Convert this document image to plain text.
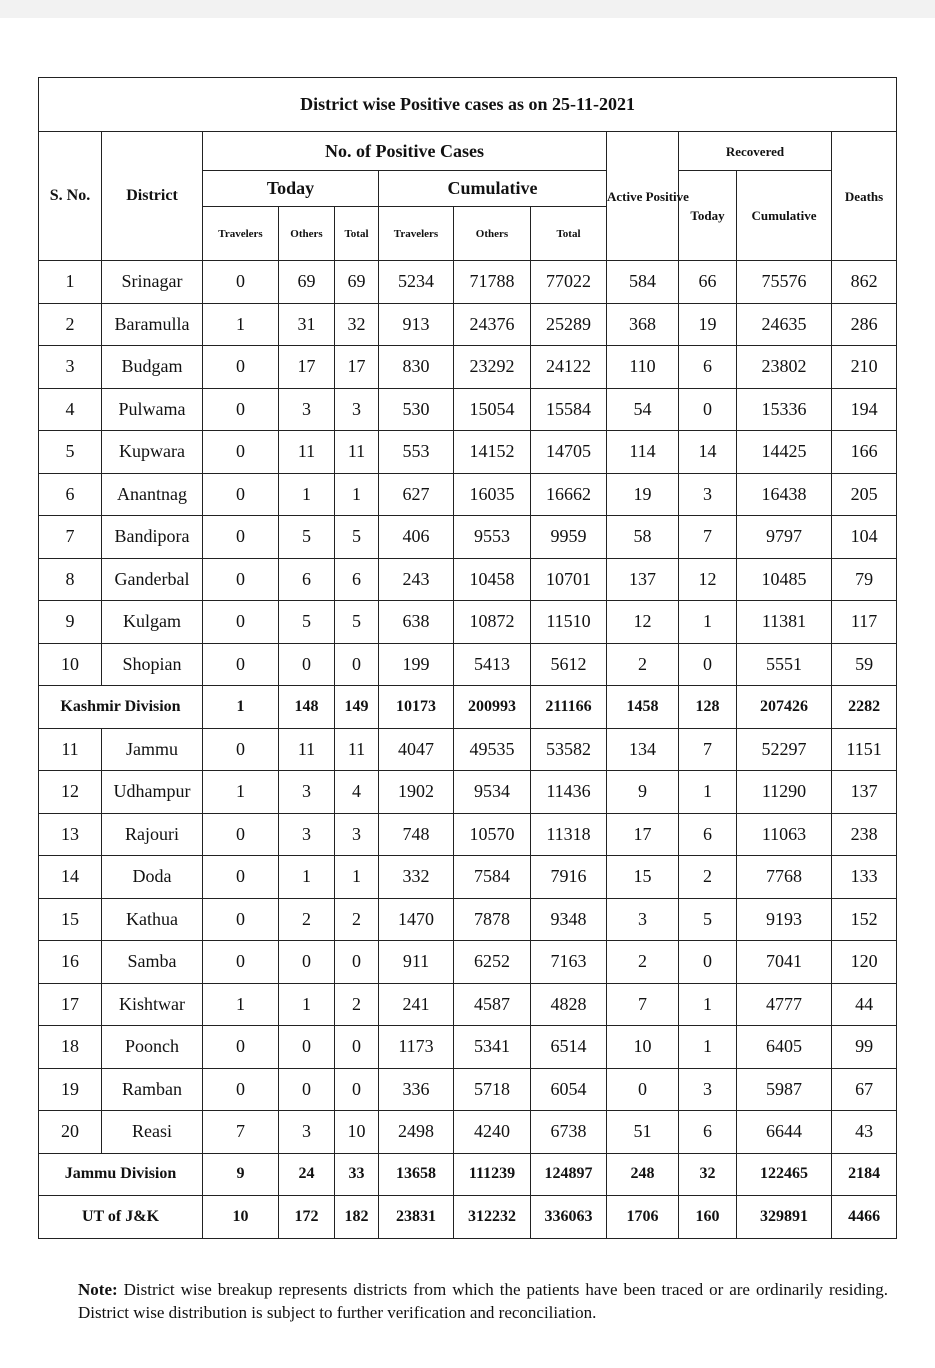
District wise Positive cases as on 25-11-2021											
S. No.	District	No. of Positive Cases						Active Positive	Recovered		Deaths
		Today			Cumulative				Today	Cumulative	
		Travelers	Others	Total	Travelers	Others	Total				
1	Srinagar	0	69	69	5234	71788	77022	584	66	75576	862
2	Baramulla	1	31	32	913	24376	25289	368	19	24635	286
3	Budgam	0	17	17	830	23292	24122	110	6	23802	210
4	Pulwama	0	3	3	530	15054	15584	54	0	15336	194
5	Kupwara	0	11	11	553	14152	14705	114	14	14425	166
6	Anantnag	0	1	1	627	16035	16662	19	3	16438	205
7	Bandipora	0	5	5	406	9553	9959	58	7	9797	104
8	Ganderbal	0	6	6	243	10458	10701	137	12	10485	79
9	Kulgam	0	5	5	638	10872	11510	12	1	11381	117
10	Shopian	0	0	0	199	5413	5612	2	0	5551	59
Kashmir Division		1	148	149	10173	200993	211166	1458	128	207426	2282
11	Jammu	0	11	11	4047	49535	53582	134	7	52297	1151
12	Udhampur	1	3	4	1902	9534	11436	9	1	11290	137
13	Rajouri	0	3	3	748	10570	11318	17	6	11063	238
14	Doda	0	1	1	332	7584	7916	15	2	7768	133
15	Kathua	0	2	2	1470	7878	9348	3	5	9193	152
16	Samba	0	0	0	911	6252	7163	2	0	7041	120
17	Kishtwar	1	1	2	241	4587	4828	7	1	4777	44
18	Poonch	0	0	0	1173	5341	6514	10	1	6405	99
19	Ramban	0	0	0	336	5718	6054	0	3	5987	67
20	Reasi	7	3	10	2498	4240	6738	51	6	6644	43
Jammu Division		9	24	33	13658	111239	124897	248	32	122465	2184
UT of J&K		10	172	182	23831	312232	336063	1706	160	329891	4466
Note: District wise breakup represents districts from which the patients have been traced or are ordinarily residing. District wise distribution is subject to further verification and reconciliation.
